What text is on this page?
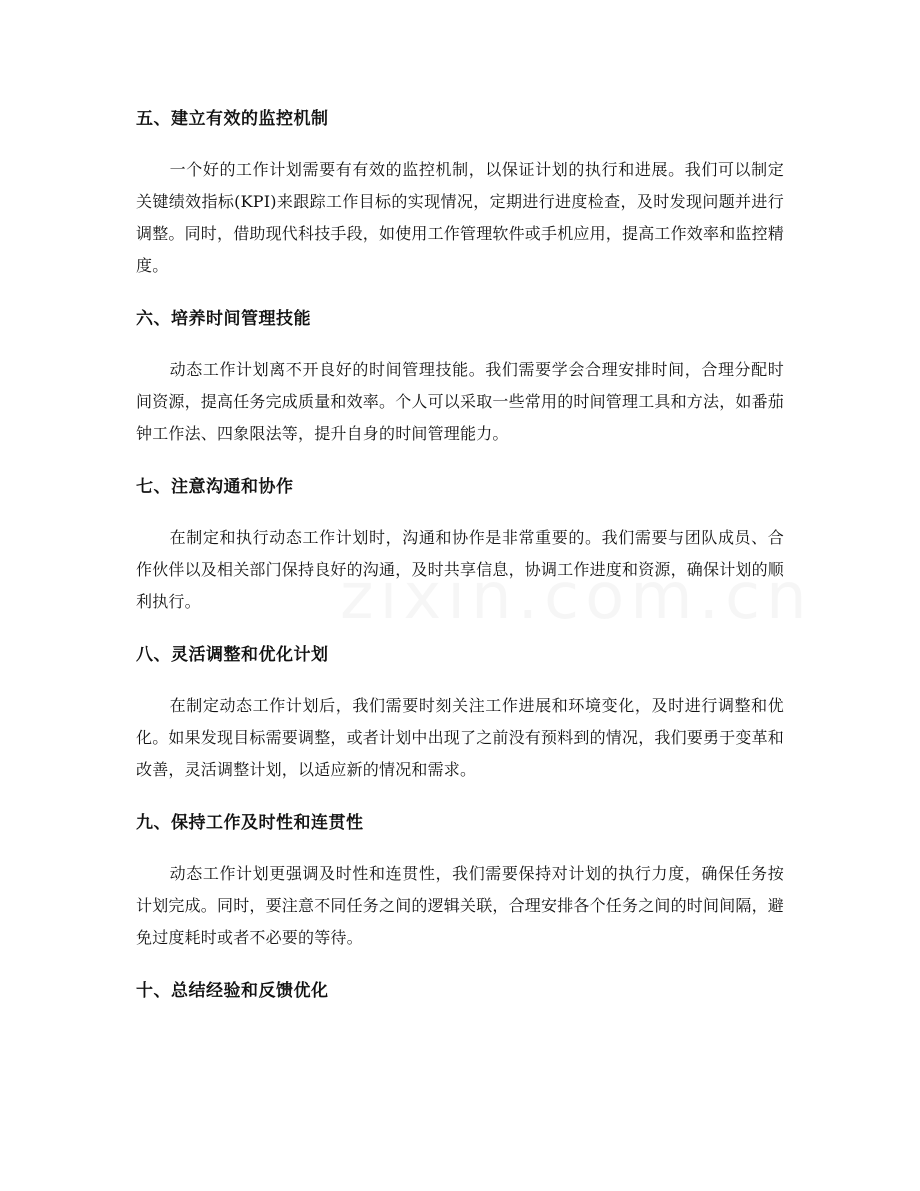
五、建立有效的监控机制

一个好的工作计划需要有有效的监控机制，以保证计划的执行和进展。我们可以制定关键绩效指标(KPI)来跟踪工作目标的实现情况，定期进行进度检查，及时发现问题并进行调整。同时，借助现代科技手段，如使用工作管理软件或手机应用，提高工作效率和监控精度。

六、培养时间管理技能

动态工作计划离不开良好的时间管理技能。我们需要学会合理安排时间，合理分配时间资源，提高任务完成质量和效率。个人可以采取一些常用的时间管理工具和方法，如番茄钟工作法、四象限法等，提升自身的时间管理能力。

七、注意沟通和协作

在制定和执行动态工作计划时，沟通和协作是非常重要的。我们需要与团队成员、合作伙伴以及相关部门保持良好的沟通，及时共享信息，协调工作进度和资源，确保计划的顺利执行。

八、灵活调整和优化计划

在制定动态工作计划后，我们需要时刻关注工作进展和环境变化，及时进行调整和优化。如果发现目标需要调整，或者计划中出现了之前没有预料到的情况，我们要勇于变革和改善，灵活调整计划，以适应新的情况和需求。

九、保持工作及时性和连贯性

动态工作计划更强调及时性和连贯性，我们需要保持对计划的执行力度，确保任务按计划完成。同时，要注意不同任务之间的逻辑关联，合理安排各个任务之间的时间间隔，避免过度耗时或者不必要的等待。

十、总结经验和反馈优化
